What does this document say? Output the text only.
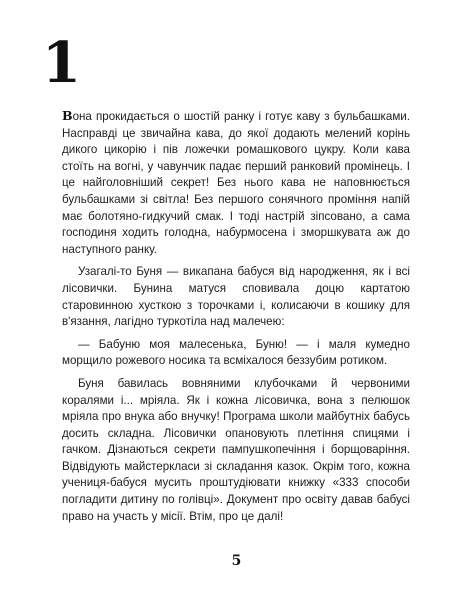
1

Вона прокидається о шостій ранку і готує каву з бульбашками. Насправді це звичайна кава, до якої додають мелений корінь дикого цикорію і пів ложечки ромашкового цукру. Коли кава стоїть на вогні, у чавунчик падає перший ранковий промінець. І це найголовніший секрет! Без нього кава не наповнюється бульбашками зі світла! Без першого сонячного проміння напій має болотяно-гидкучий смак. І тоді настрій зіпсовано, а сама господиня ходить голодна, набурмосена і зморшкувата аж до наступного ранку.

Узагалі-то Буня — викапана бабуся від народження, як і всі лісовички. Бунина матуся сповивала доцю картатою старовинною хусткою з торочками і, колисаючи в кошику для в'язання, лагідно туркотіла над малечею:

— Бабуню моя малесенька, Буню! — і маля кумедно морщило рожевого носика та всміхалося беззубим ротиком.

Буня бавилась вовняними клубочками й червоними коралями і... мріяла. Як і кожна лісовичка, вона з пелюшок мріяла про внука або внучку! Програма школи майбутніх бабусь досить складна. Лісовички опановують плетіння спицями і гачком. Дізнаються секрети пампушкопечіння і борщоваріння. Відвідують майстеркласи зі складання казок. Окрім того, кожна учениця-бабуся мусить проштудіювати книжку «333 способи погладити дитину по голівці». Документ про освіту давав бабусі право на участь у місії. Втім, про це далі!

5
